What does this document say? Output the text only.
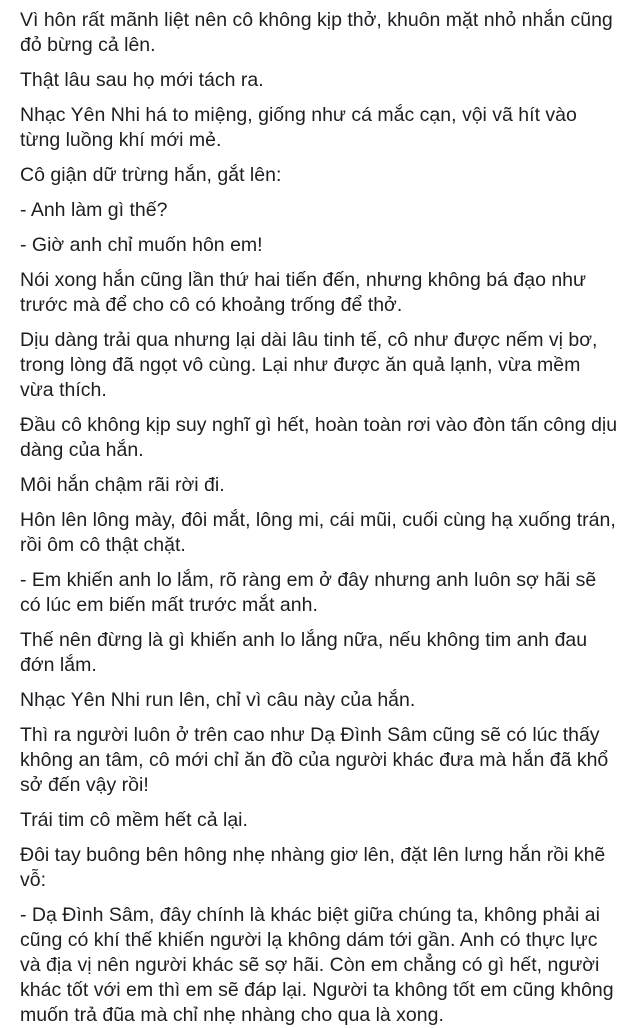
Vì hôn rất mãnh liệt nên cô không kịp thở, khuôn mặt nhỏ nhắn cũng đỏ bừng cả lên.

Thật lâu sau họ mới tách ra.

Nhạc Yên Nhi há to miệng, giống như cá mắc cạn, vội vã hít vào từng luồng khí mới mẻ.

Cô giận dữ trừng hắn, gắt lên:

- Anh làm gì thế?

- Giờ anh chỉ muốn hôn em!

Nói xong hắn cũng lần thứ hai tiến đến, nhưng không bá đạo như trước mà để cho cô có khoảng trống để thở.

Dịu dàng trải qua nhưng lại dài lâu tinh tế, cô như được nếm vị bơ, trong lòng đã ngọt vô cùng. Lại như được ăn quả lạnh, vừa mềm vừa thích.

Đầu cô không kịp suy nghĩ gì hết, hoàn toàn rơi vào đòn tấn công dịu dàng của hắn.

Môi hắn chậm rãi rời đi.

Hôn lên lông mày, đôi mắt, lông mi, cái mũi, cuối cùng hạ xuống trán, rồi ôm cô thật chặt.

- Em khiến anh lo lắm, rõ ràng em ở đây nhưng anh luôn sợ hãi sẽ có lúc em biến mất trước mắt anh.

Thế nên đừng là gì khiến anh lo lắng nữa, nếu không tim anh đau đớn lắm.

Nhạc Yên Nhi run lên, chỉ vì câu này của hắn.

Thì ra người luôn ở trên cao như Dạ Đình Sâm cũng sẽ có lúc thấy không an tâm, cô mới chỉ ăn đồ của người khác đưa mà hắn đã khổ sở đến vậy rồi!

Trái tim cô mềm hết cả lại.

Đôi tay buông bên hông nhẹ nhàng giơ lên, đặt lên lưng hắn rồi khẽ vỗ:

- Dạ Đình Sâm, đây chính là khác biệt giữa chúng ta, không phải ai cũng có khí thế khiến người lạ không dám tới gần. Anh có thực lực và địa vị nên người khác sẽ sợ hãi. Còn em chẳng có gì hết, người khác tốt với em thì em sẽ đáp lại. Người ta không tốt em cũng không muốn trả đũa mà chỉ nhẹ nhàng cho qua là xong.
